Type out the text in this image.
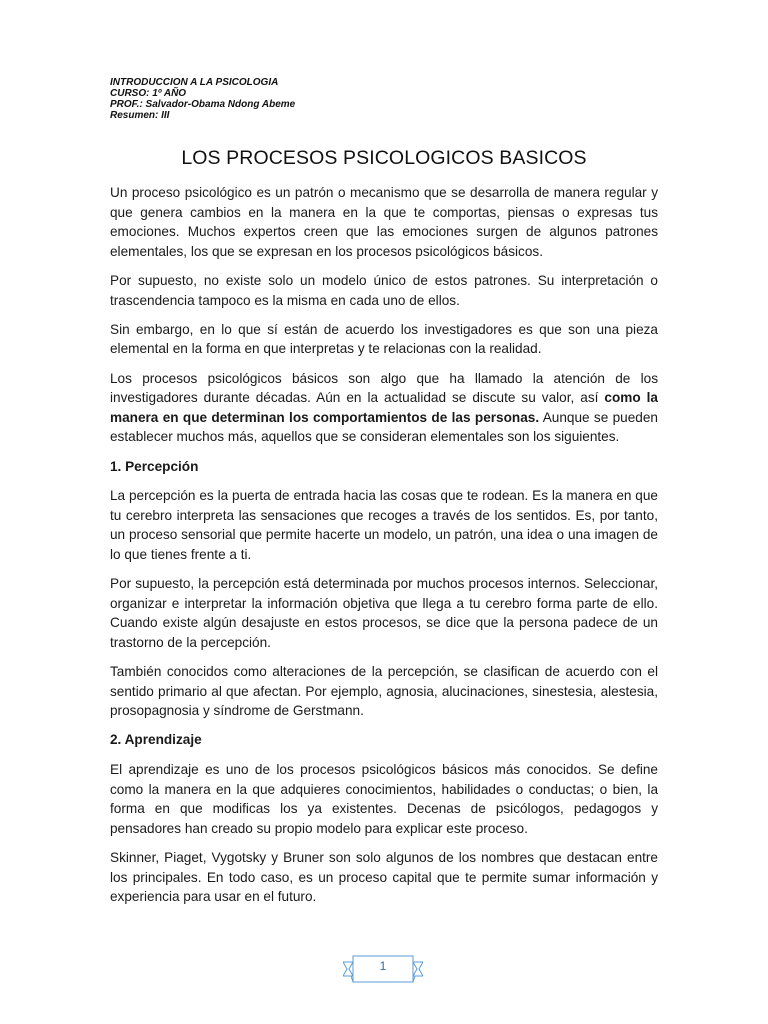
INTRODUCCION A LA PSICOLOGIA
CURSO: 1º AÑO
PROF.: Salvador-Obama Ndong Abeme
Resumen: III
LOS PROCESOS PSICOLOGICOS BASICOS

Un proceso psicológico es un patrón o mecanismo que se desarrolla de manera regular y que genera cambios en la manera en la que te comportas, piensas o expresas tus emociones. Muchos expertos creen que las emociones surgen de algunos patrones elementales, los que se expresan en los procesos psicológicos básicos.

Por supuesto, no existe solo un modelo único de estos patrones. Su interpretación o trascendencia tampoco es la misma en cada uno de ellos.

Sin embargo, en lo que sí están de acuerdo los investigadores es que son una pieza elemental en la forma en que interpretas y te relacionas con la realidad.

Los procesos psicológicos básicos son algo que ha llamado la atención de los investigadores durante décadas. Aún en la actualidad se discute su valor, así como la manera en que determinan los comportamientos de las personas. Aunque se pueden establecer muchos más, aquellos que se consideran elementales son los siguientes.

1. Percepción

La percepción es la puerta de entrada hacia las cosas que te rodean. Es la manera en que tu cerebro interpreta las sensaciones que recoges a través de los sentidos. Es, por tanto, un proceso sensorial que permite hacerte un modelo, un patrón, una idea o una imagen de lo que tienes frente a ti.

Por supuesto, la percepción está determinada por muchos procesos internos. Seleccionar, organizar e interpretar la información objetiva que llega a tu cerebro forma parte de ello. Cuando existe algún desajuste en estos procesos, se dice que la persona padece de un trastorno de la percepción.

También conocidos como alteraciones de la percepción, se clasifican de acuerdo con el sentido primario al que afectan. Por ejemplo, agnosia, alucinaciones, sinestesia, alestesia, prosopagnosia y síndrome de Gerstmann.

2. Aprendizaje

El aprendizaje es uno de los procesos psicológicos básicos más conocidos. Se define como la manera en la que adquieres conocimientos, habilidades o conductas; o bien, la forma en que modificas los ya existentes. Decenas de psicólogos, pedagogos y pensadores han creado su propio modelo para explicar este proceso.

Skinner, Piaget, Vygotsky y Bruner son solo algunos de los nombres que destacan entre los principales. En todo caso, es un proceso capital que te permite sumar información y experiencia para usar en el futuro.

1
